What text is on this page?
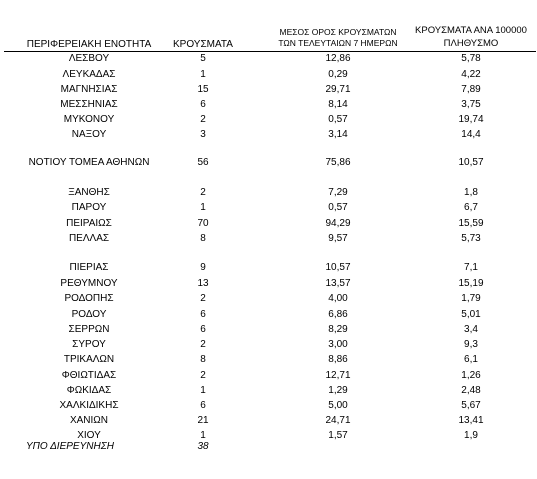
ΠΕΡΙΦΕΡΕΙΑΚΗ ΕΝΟΤΗΤΑ	ΚΡΟΥΣΜΑΤΑ
ΜΕΣΟΣ ΟΡΟΣ ΚΡΟΥΣΜΑΤΩΝ
ΤΩΝ ΤΕΛΕΥΤΑΙΩΝ 7 ΗΜΕΡΩΝ
ΚΡΟΥΣΜΑΤΑ ΑΝΑ 100000
ΠΛΗΘΥΣΜΟ
ΛΕΣΒΟΥ	5	12,86	5,78
ΛΕΥΚΑΔΑΣ	1	0,29	4,22
ΜΑΓΝΗΣΙΑΣ	15	29,71	7,89
ΜΕΣΣΗΝΙΑΣ	6	8,14	3,75
ΜΥΚΟΝΟΥ	2	0,57	19,74
ΝΑΞΟΥ	3	3,14	14,4
ΝΟΤΙΟΥ ΤΟΜΕΑ ΑΘΗΝΩΝ	56	75,86	10,57
ΞΑΝΘΗΣ	2	7,29	1,8
ΠΑΡΟΥ	1	0,57	6,7
ΠΕΙΡΑΙΩΣ	70	94,29	15,59
ΠΕΛΛΑΣ	8	9,57	5,73
ΠΙΕΡΙΑΣ	9	10,57	7,1
ΡΕΘΥΜΝΟΥ	13	13,57	15,19
ΡΟΔΟΠΗΣ	2	4,00	1,79
ΡΟΔΟΥ	6	6,86	5,01
ΣΕΡΡΩΝ	6	8,29	3,4
ΣΥΡΟΥ	2	3,00	9,3
ΤΡΙΚΑΛΩΝ	8	8,86	6,1
ΦΘΙΩΤΙΔΑΣ	2	12,71	1,26
ΦΩΚΙΔΑΣ	1	1,29	2,48
ΧΑΛΚΙΔΙΚΗΣ	6	5,00	5,67
ΧΑΝΙΩΝ	21	24,71	13,41
ΧΙΟΥ	1	1,57	1,9
ΥΠΟ ΔΙΕΡΕΥΝΗΣΗ	38
